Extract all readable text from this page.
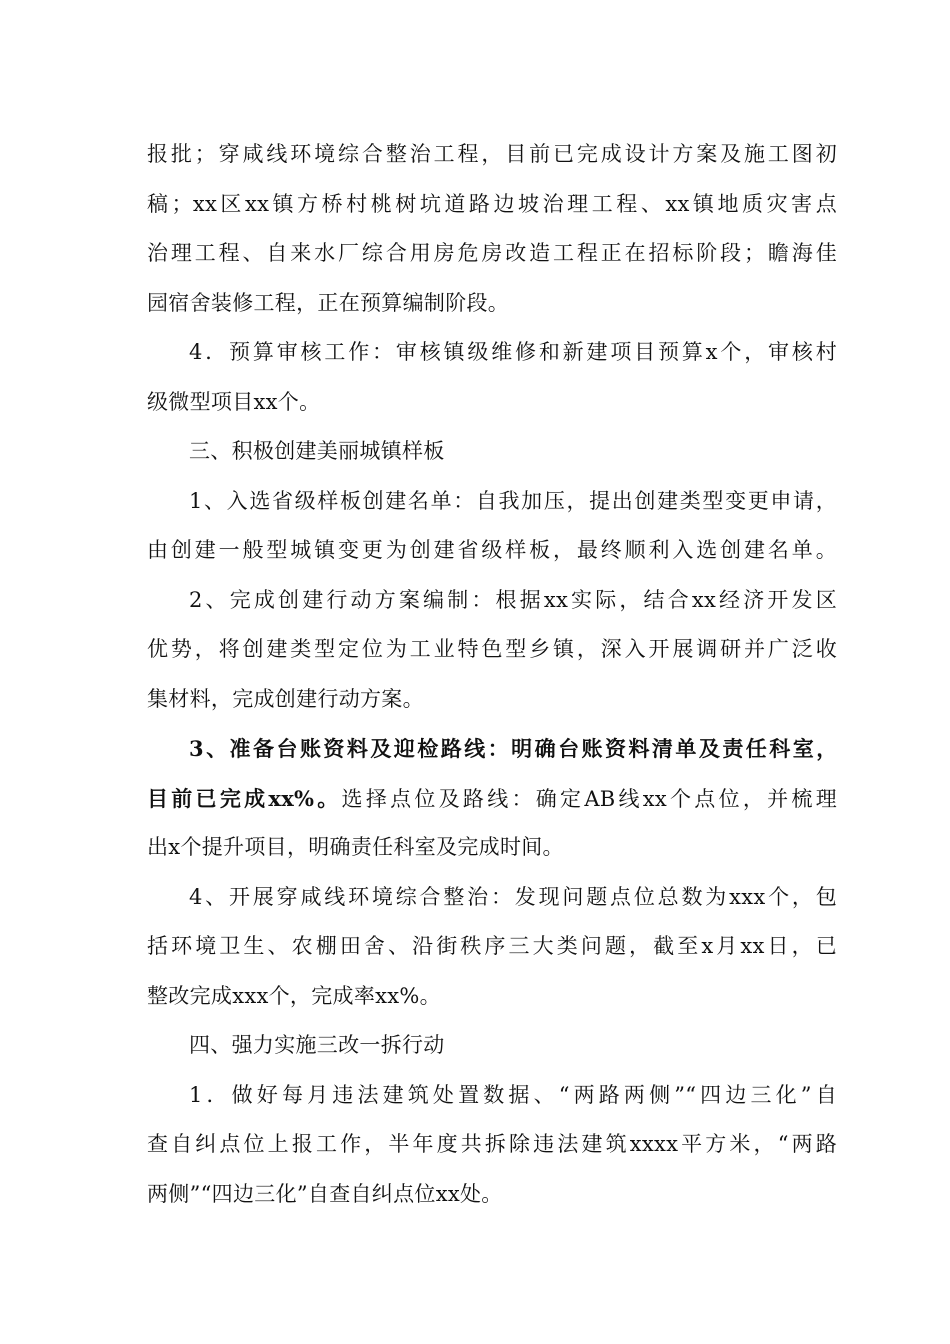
报批；穿咸线环境综合整治工程，目前已完成设计方案及施工图初
稿；xx区xx镇方桥村桃树坑道路边坡治理工程、xx镇地质灾害点
治理工程、自来水厂综合用房危房改造工程正在招标阶段；瞻海佳
园宿舍装修工程，正在预算编制阶段。
4．预算审核工作：审核镇级维修和新建项目预算x个，审核村
级微型项目xx个。
三、积极创建美丽城镇样板
1、入选省级样板创建名单：自我加压，提出创建类型变更申请，
由创建一般型城镇变更为创建省级样板，最终顺利入选创建名单。
2、完成创建行动方案编制：根据xx实际，结合xx经济开发区
优势，将创建类型定位为工业特色型乡镇，深入开展调研并广泛收
集材料，完成创建行动方案。
3、准备台账资料及迎检路线：明确台账资料清单及责任科室，
目前已完成xx%。选择点位及路线：确定AB线xx个点位，并梳理
出x个提升项目，明确责任科室及完成时间。
4、开展穿咸线环境综合整治：发现问题点位总数为xxx个，包
括环境卫生、农棚田舍、沿街秩序三大类问题，截至x月xx日，已
整改完成xxx个，完成率xx%。
四、强力实施三改一拆行动
1．做好每月违法建筑处置数据、“两路两侧”“四边三化”自
查自纠点位上报工作，半年度共拆除违法建筑xxxx平方米，“两路
两侧”“四边三化”自查自纠点位xx处。
